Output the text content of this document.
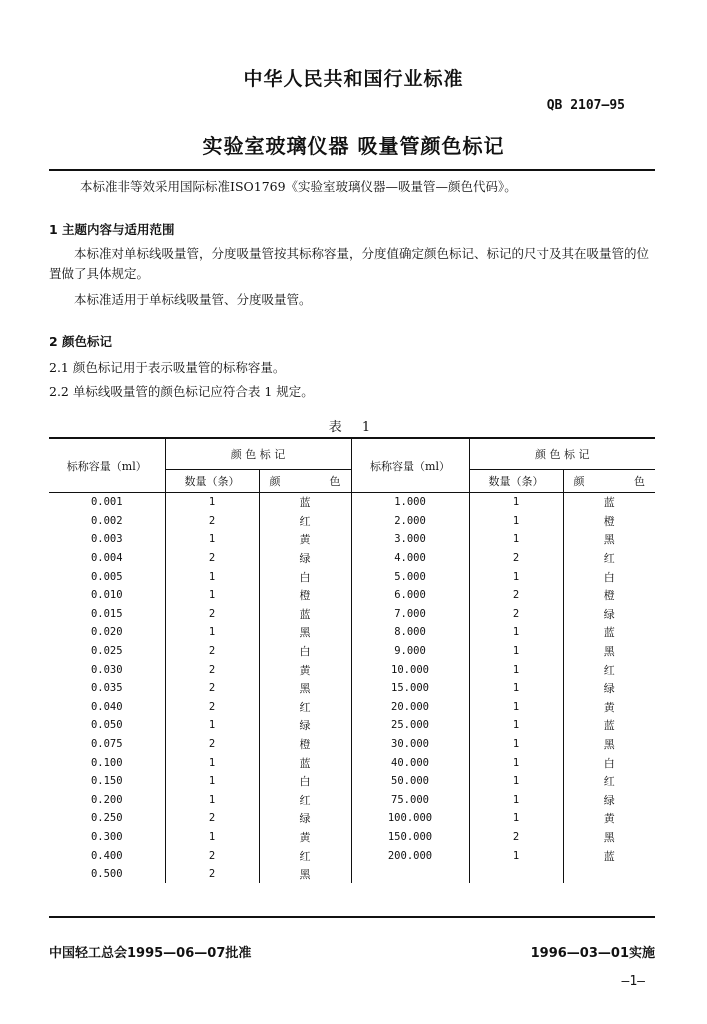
中华人民共和国行业标准
QB 2107—95
实验室玻璃仪器 吸量管颜色标记
本标准非等效采用国际标准ISO1769《实验室玻璃仪器—吸量管—颜色代码》。
1 主题内容与适用范围
本标准对单标线吸量管，分度吸量管按其标称容量，分度值确定颜色标记、标记的尺寸及其在吸量管的位置做了具体规定。
本标准适用于单标线吸量管、分度吸量管。
2 颜色标记
2.1 颜色标记用于表示吸量管的标称容量。
2.2 单标线吸量管的颜色标记应符合表 1 规定。
表 1
标称容量（ml）	颜 色 标 记		标称容量（ml）	颜 色 标 记	
	数量（条）	颜 色		数量（条）	颜 色

0.001	1	蓝	1.000	1	蓝
0.002	2	红	2.000	1	橙
0.003	1	黄	3.000	1	黑
0.004	2	绿	4.000	2	红
0.005	1	白	5.000	1	白
0.010	1	橙	6.000	2	橙
0.015	2	蓝	7.000	2	绿
0.020	1	黑	8.000	1	蓝
0.025	2	白	9.000	1	黑
0.030	2	黄	10.000	1	红
0.035	2	黑	15.000	1	绿
0.040	2	红	20.000	1	黄
0.050	1	绿	25.000	1	蓝
0.075	2	橙	30.000	1	黑
0.100	1	蓝	40.000	1	白
0.150	1	白	50.000	1	红
0.200	1	红	75.000	1	绿
0.250	2	绿	100.000	1	黄
0.300	1	黄	150.000	2	黑
0.400	2	红	200.000	1	蓝
0.500	2	黑			
中国轻工总会1995—06—07批准	1996—03—01实施
—1—
